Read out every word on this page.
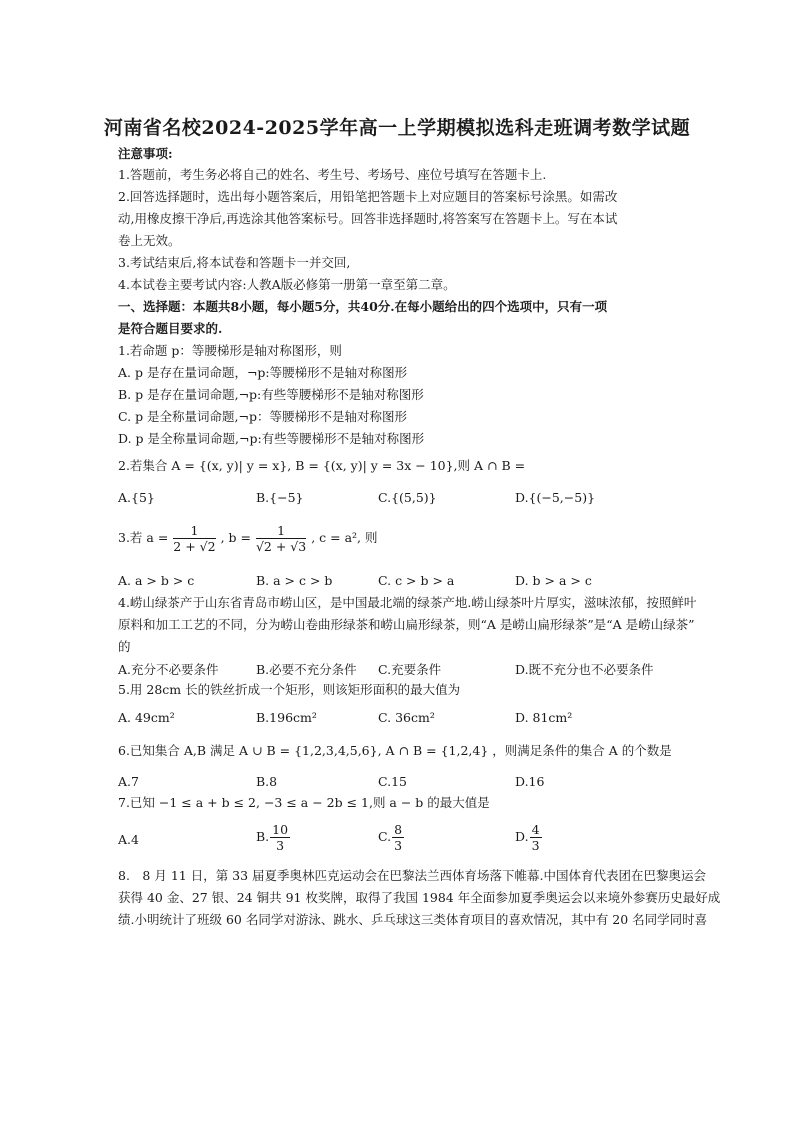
河南省名校2024-2025学年高一上学期模拟选科走班调考数学试题
注意事项:
1.答题前，考生务必将自己的姓名、考生号、考场号、座位号填写在答题卡上.
2.回答选择题时，选出每小题答案后，用铅笔把答题卡上对应题目的答案标号涂黑。如需改
动,用橡皮擦干净后,再选涂其他答案标号。回答非选择题时,将答案写在答题卡上。写在本试
卷上无效。
3.考试结束后,将本试卷和答题卡一并交回,
4.本试卷主要考试内容:人教A版必修第一册第一章至第二章。
一、选择题：本题共8小题，每小题5分，共40分.在每小题给出的四个选项中，只有一项
是符合题目要求的.
1.若命题 p：等腰梯形是轴对称图形，则
A. p 是存在量词命题，¬p:等腰梯形不是轴对称图形
B. p 是存在量词命题,¬p:有些等腰梯形不是轴对称图形
C. p 是全称量词命题,¬p：等腰梯形不是轴对称图形
D. p 是全称量词命题,¬p:有些等腰梯形不是轴对称图形
2.若集合 A = {(x, y)| y = x}, B = {(x, y)| y = 3x − 10},则 A ∩ B =
A.{5}	B.{−5}	C.{(5,5)}	D.{(−5,−5)}
3.若 $a = \frac{1}{2 + √2}$ , $b = \frac{1}{√2 + √3}$ , c = a², 则
A. a > b > c	B. a > c > b	C. c > b > a	D. b > a > c
4.崂山绿茶产于山东省青岛市崂山区，是中国最北端的绿茶产地.崂山绿茶叶片厚实，滋味浓郁，按照鲜叶
原料和加工工艺的不同，分为崂山卷曲形绿茶和崂山扁形绿茶，则“A 是崂山扁形绿茶”是“A 是崂山绿茶”
的
A.充分不必要条件	B.必要不充分条件 C.充要条件	D.既不充分也不必要条件
5.用 28cm 长的铁丝折成一个矩形，则该矩形面积的最大值为
A. 49cm²	B.196cm²	C. 36cm²	D. 81cm²
6.已知集合 A,B 满足 A ∪ B = {1,2,3,4,5,6}, A ∩ B = {1,2,4} ，则满足条件的集合 A 的个数是
A.7	B.8	C.15	D.16
7.已知 −1 ≤ a + b ≤ 2, −3 ≤ a − 2b ≤ 1,则 a − b 的最大值是
A.4	B. $\frac{10}{3}$	C. $\frac{8}{3}$	D. $\frac{4}{3}$
8.　8 月 11 日，第 33 届夏季奥林匹克运动会在巴黎法兰西体育场落下帷幕.中国体育代表团在巴黎奥运会
获得 40 金、27 银、24 铜共 91 枚奖牌，取得了我国 1984 年全面参加夏季奥运会以来境外参赛历史最好成
绩.小明统计了班级 60 名同学对游泳、跳水、乒乓球这三类体育项目的喜欢情况，其中有 20 名同学同时喜
